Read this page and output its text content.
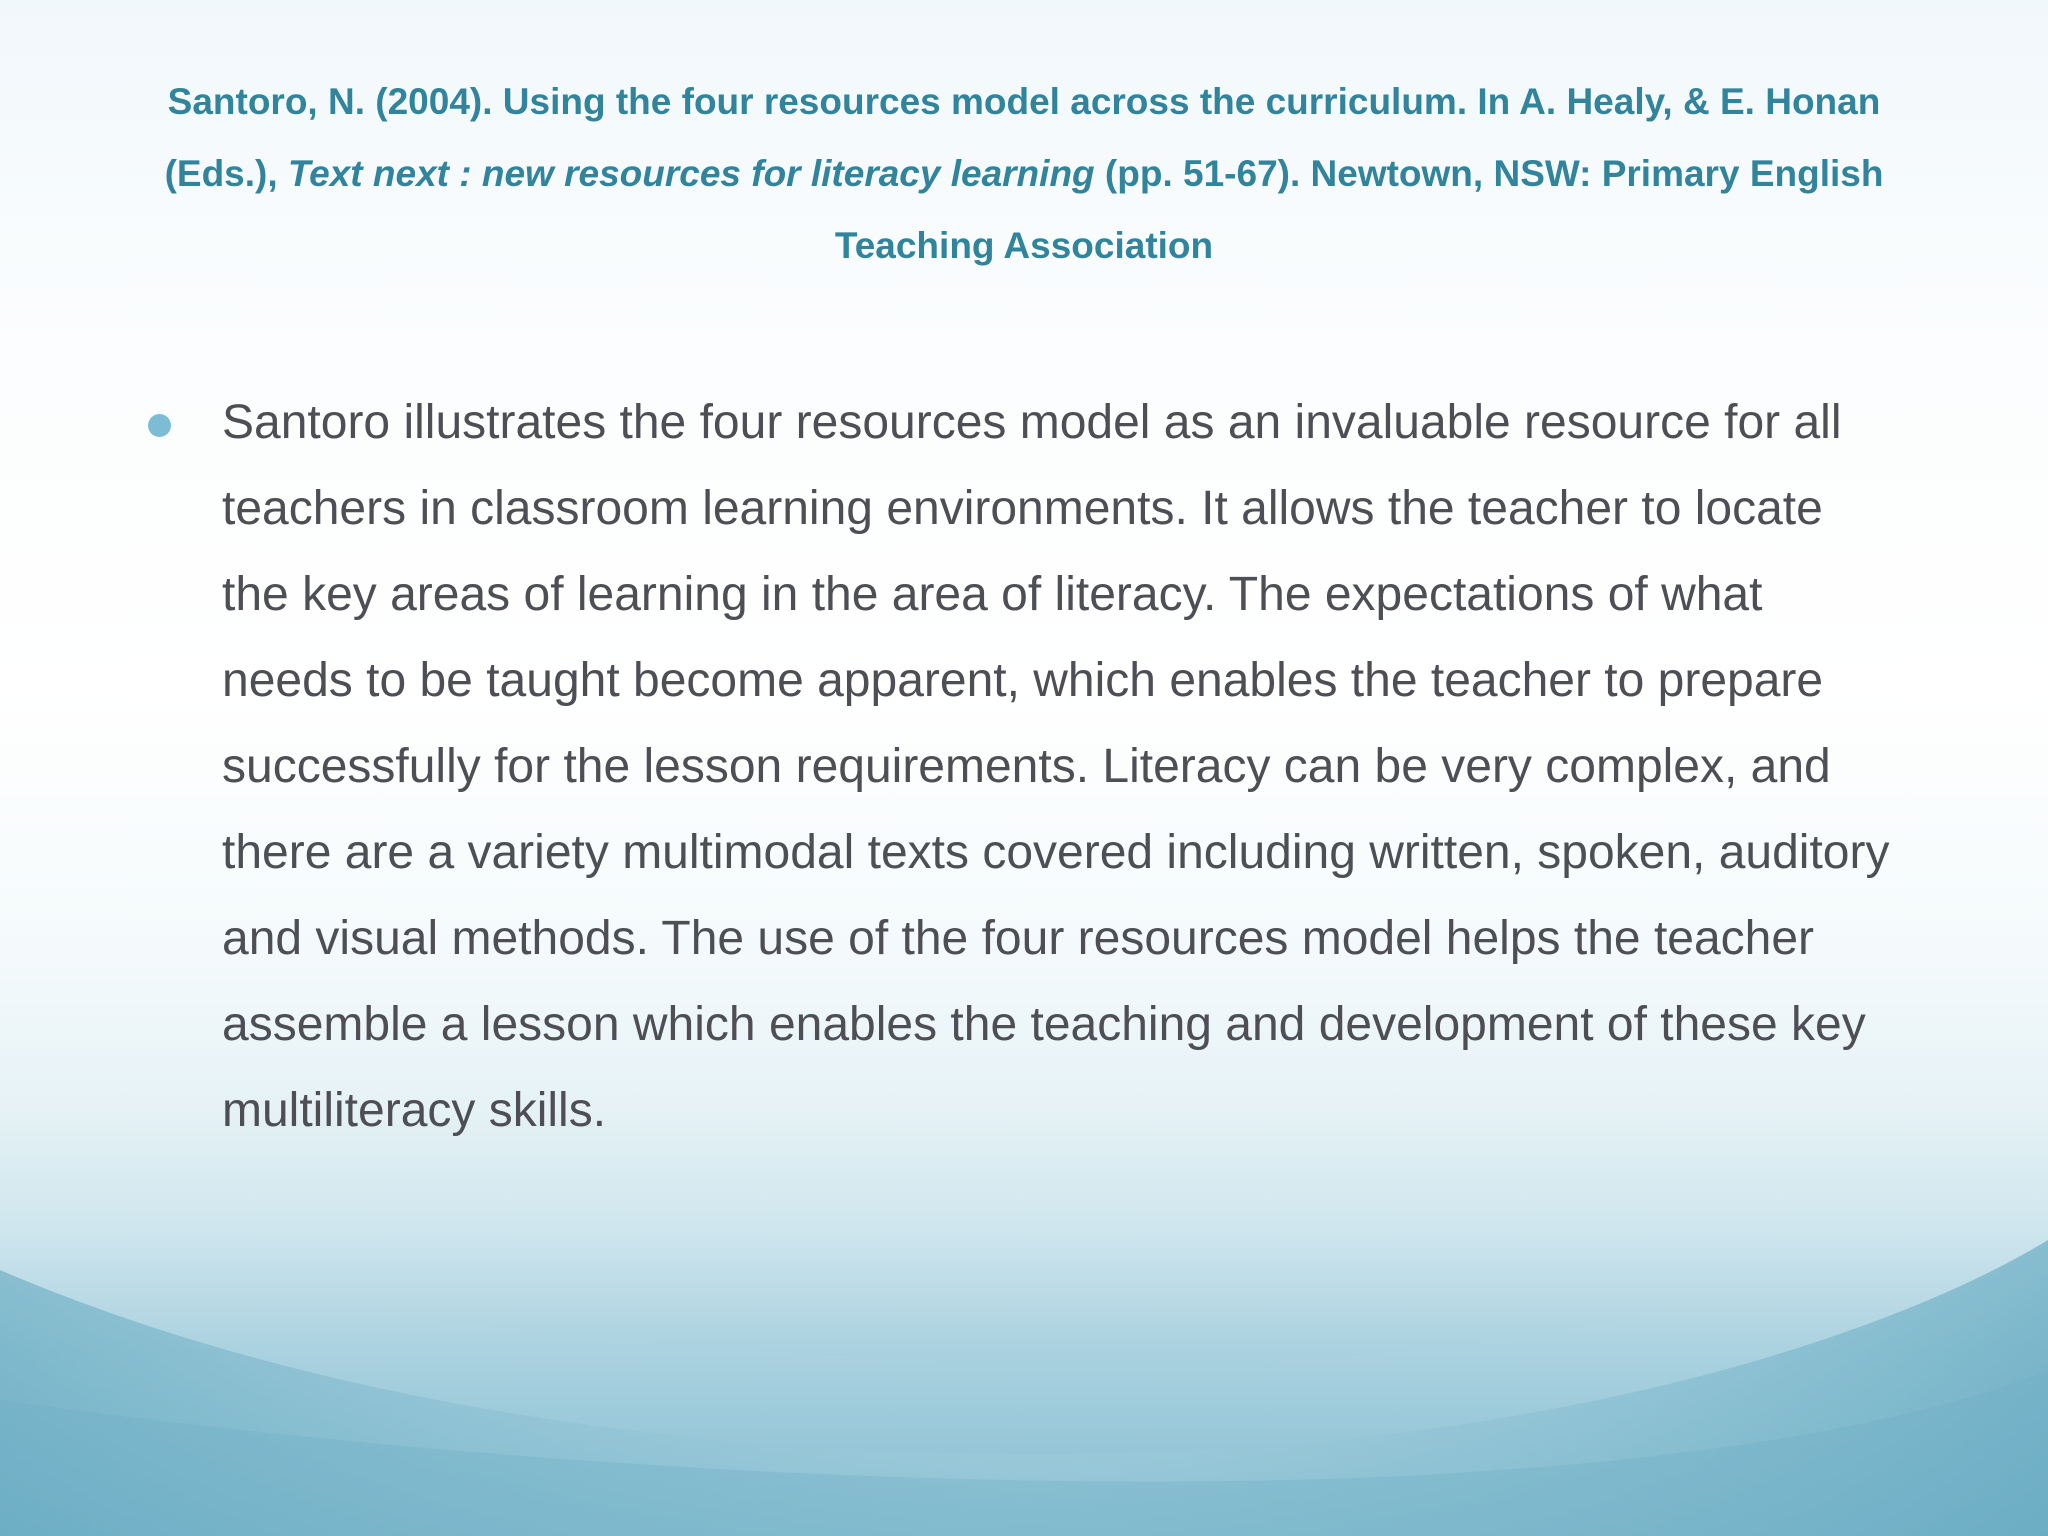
Santoro, N. (2004). Using the four resources model across the curriculum. In A. Healy, & E. Honan (Eds.), Text next : new resources for literacy learning (pp. 51-67). Newtown, NSW: Primary English Teaching Association
Santoro illustrates the four resources model as an invaluable resource for all teachers in classroom learning environments. It allows the teacher to locate the key areas of learning in the area of literacy. The expectations of what needs to be taught become apparent, which enables the teacher to prepare successfully for the lesson requirements. Literacy can be very complex, and there are a variety multimodal texts covered including written, spoken, auditory and visual methods. The use of the four resources model helps the teacher assemble a lesson which enables the teaching and development of these key multiliteracy skills.
